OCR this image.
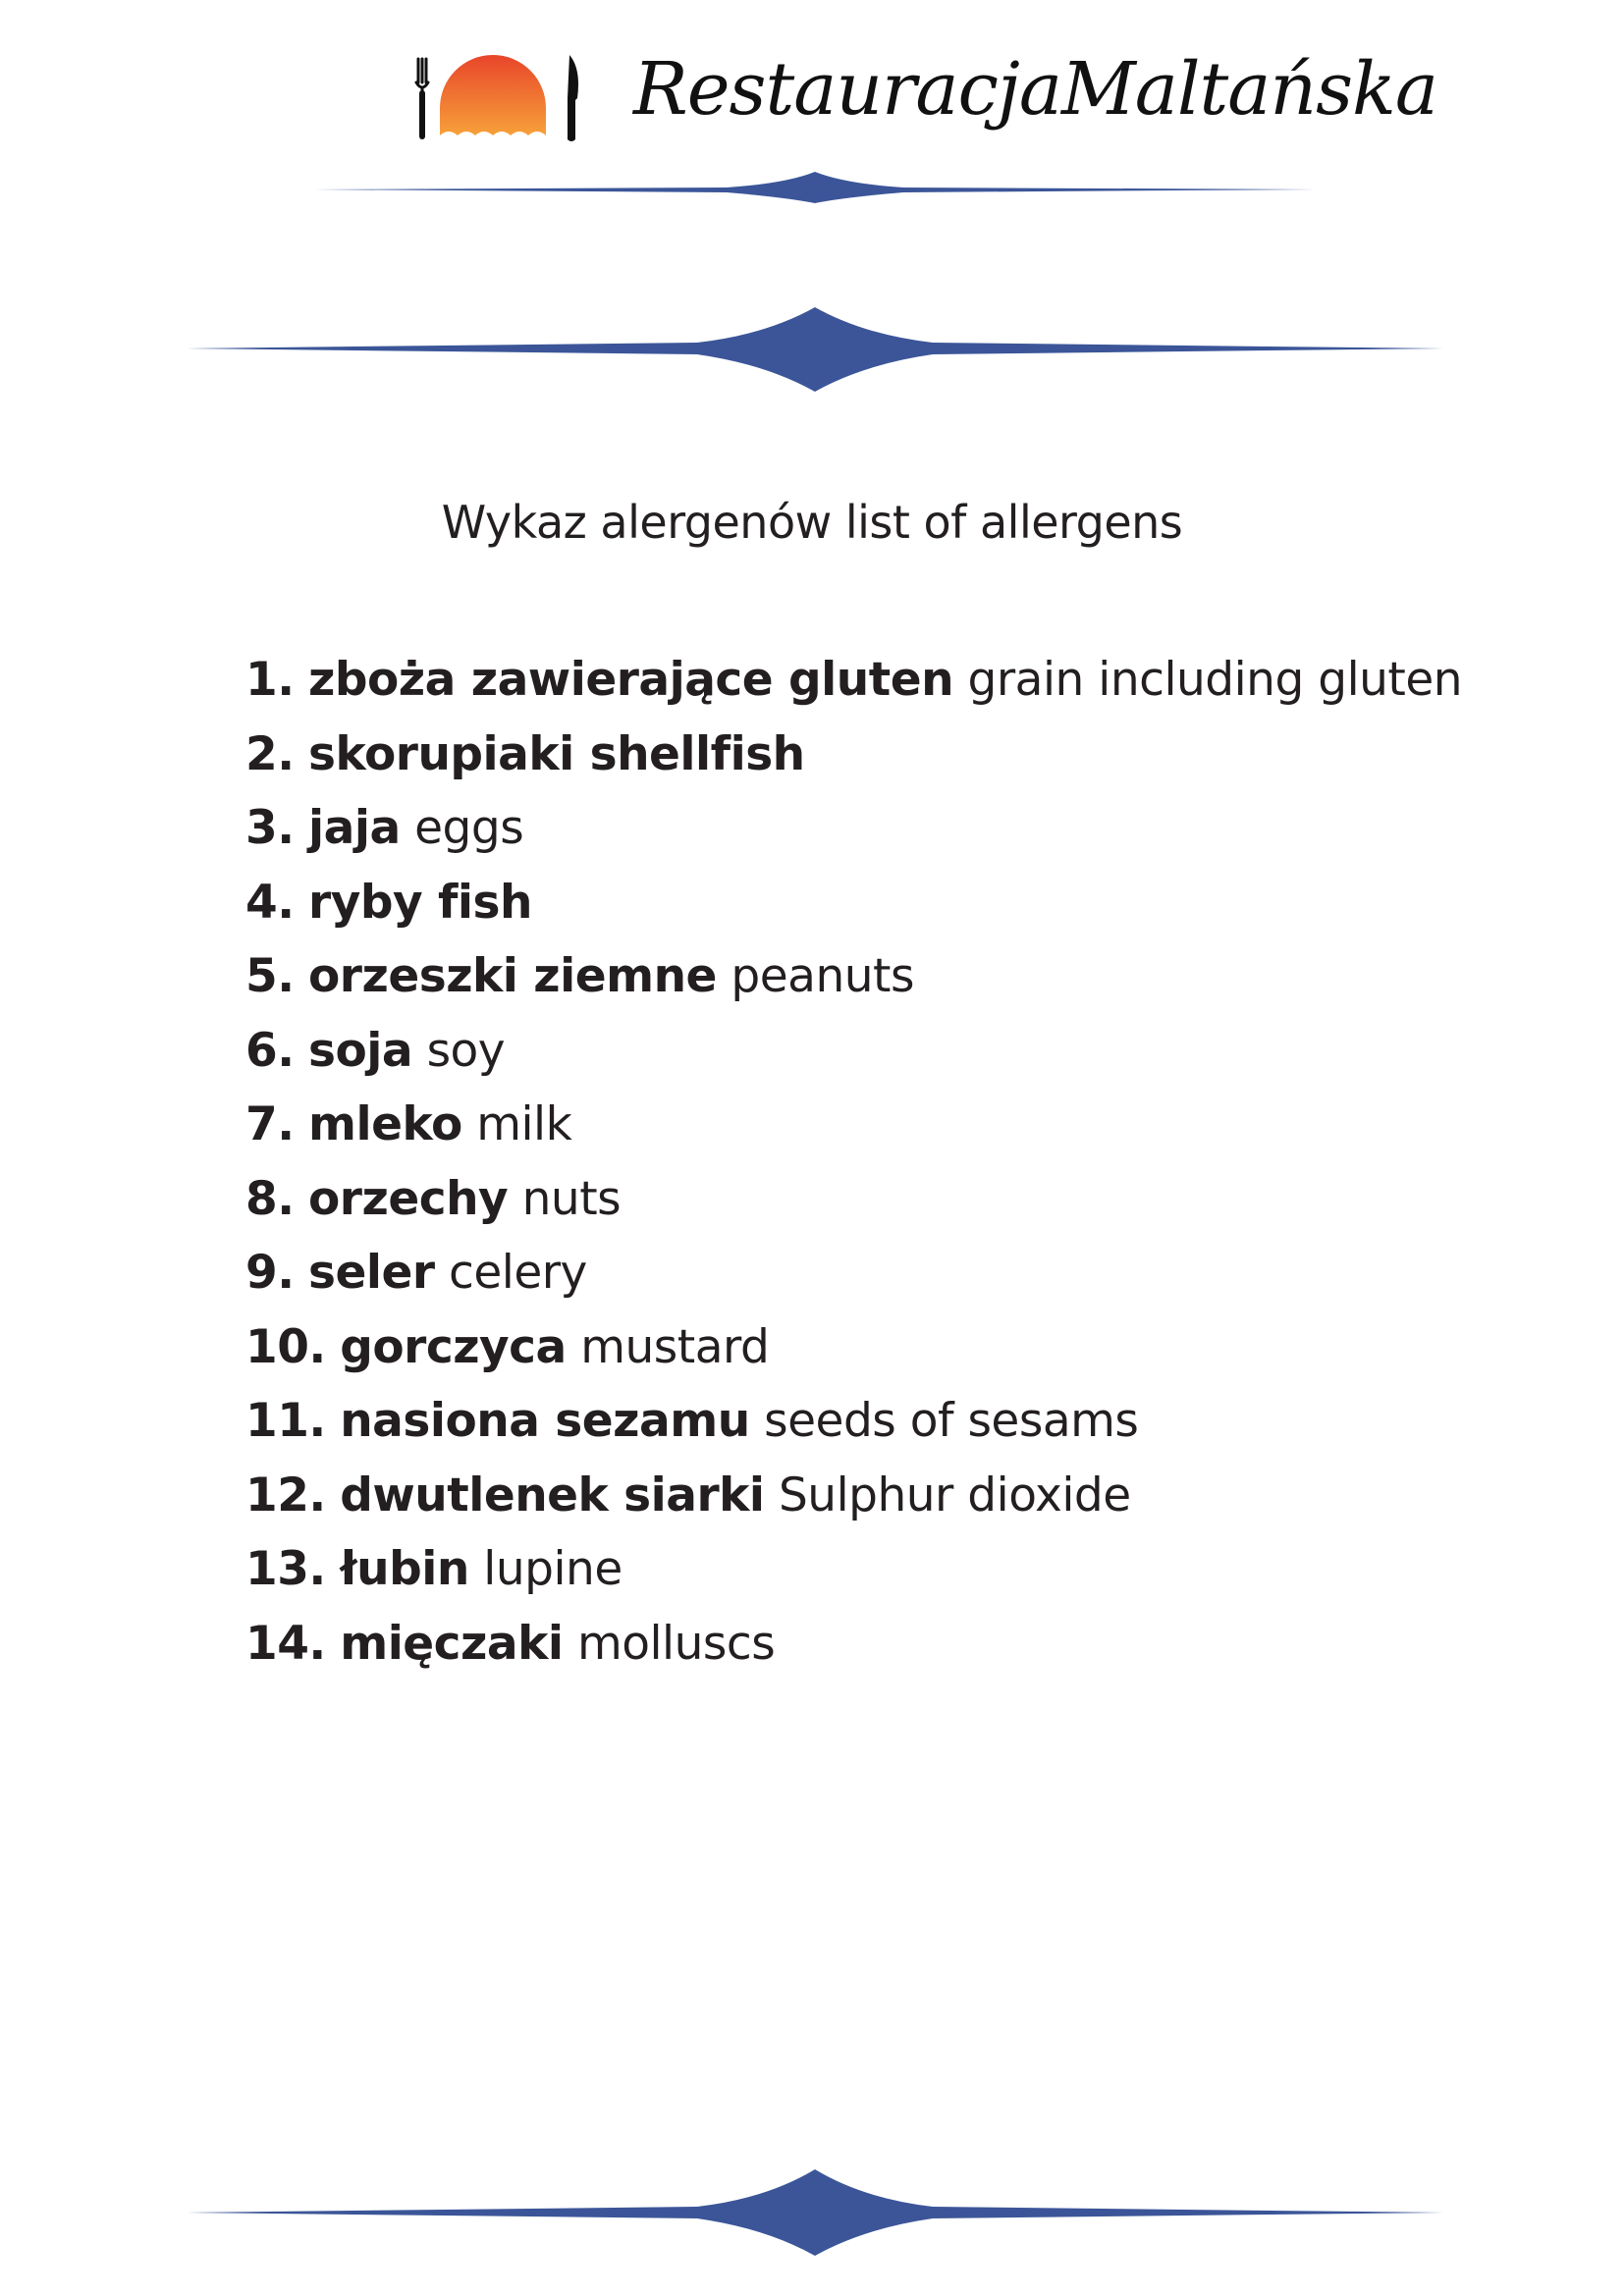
RestauracjaMaltańska
Wykaz alergenów list of allergens
1. zboża zawierające gluten grain including gluten
2. skorupiaki shellfish
3. jaja eggs
4. ryby fish
5. orzeszki ziemne peanuts
6. soja soy
7. mleko milk
8. orzechy nuts
9. seler celery
10. gorczyca mustard
11. nasiona sezamu seeds of sesams
12. dwutlenek siarki Sulphur dioxide
13. łubin lupine
14. mięczaki molluscs
